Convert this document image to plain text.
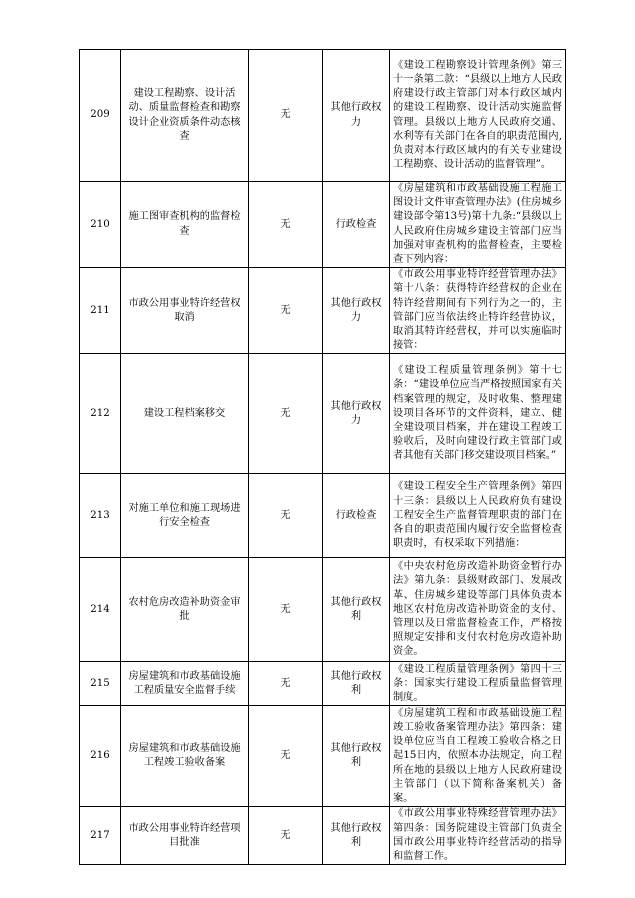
209	建设工程勘察、设计活动、质量监督检查和勘察设计企业资质条件动态核查	无	其他行政权力	《建设工程勘察设计管理条例》第三十一条第二款：“县级以上地方人民政府建设行政主管部门对本行政区域内的建设工程勘察、设计活动实施监督管理。县级以上地方人民政府交通、水利等有关部门在各自的职责范围内,负责对本行政区域内的有关专业建设工程勘察、设计活动的监督管理”。
210	施工图审查机构的监督检查	无	行政检查	《房屋建筑和市政基础设施工程施工图设计文件审查管理办法》(住房城乡建设部令第13号)第十九条:“县级以上人民政府住房城乡建设主管部门应当加强对审查机构的监督检查，主要检查下列内容：
211	市政公用事业特许经营权取消	无	其他行政权力	《市政公用事业特许经营管理办法》第十八条：获得特许经营权的企业在特许经营期间有下列行为之一的，主管部门应当依法终止特许经营协议，取消其特许经营权，并可以实施临时接管：
212	建设工程档案移交	无	其他行政权力	《建设工程质量管理条例》第十七条：“建设单位应当严格按照国家有关档案管理的规定，及时收集、整理建设项目各环节的文件资料，建立、健全建设项目档案，并在建设工程竣工验收后，及时向建设行政主管部门或者其他有关部门移交建设项目档案。”
213	对施工单位和施工现场进行安全检查	无	行政检查	《建设工程安全生产管理条例》第四十三条：县级以上人民政府负有建设工程安全生产监督管理职责的部门在各自的职责范围内履行安全监督检查职责时，有权采取下列措施：
214	农村危房改造补助资金审批	无	其他行政权利	《中央农村危房改造补助资金暂行办法》第九条：县级财政部门、发展改革、住房城乡建设等部门具体负责本地区农村危房改造补助资金的支付、管理以及日常监督检查工作，严格按照规定安排和支付农村危房改造补助资金。
215	房屋建筑和市政基础设施工程质量安全监督手续	无	其他行政权利	《建设工程质量管理条例》第四十三条：国家实行建设工程质量监督管理制度。
216	房屋建筑和市政基础设施工程竣工验收备案	无	其他行政权利	《房屋建筑工程和市政基础设施工程竣工验收备案管理办法》第四条：建设单位应当自工程竣工验收合格之日起15日内，依照本办法规定，向工程所在地的县级以上地方人民政府建设主管部门（以下简称备案机关）备案。
217	市政公用事业特许经营项目批准	无	其他行政权利	《市政公用事业特殊经营管理办法》第四条：国务院建设主管部门负责全国市政公用事业特许经营活动的指导和监督工作。
